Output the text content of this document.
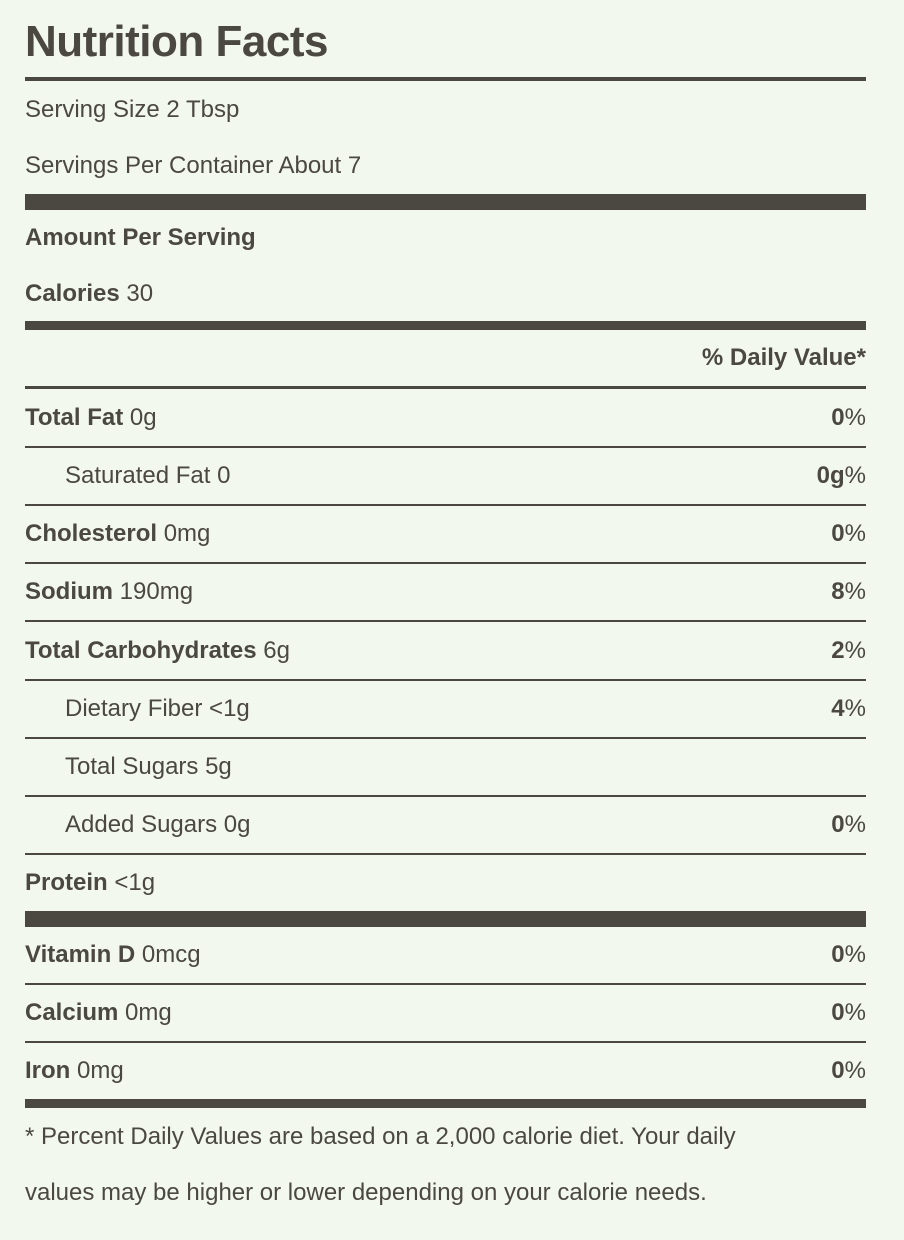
Nutrition Facts
Serving Size 2 Tbsp
Servings Per Container About 7
Amount Per Serving
Calories 30
% Daily Value*
Total Fat 0g	0%
Saturated Fat 0	0g%
Cholesterol 0mg	0%
Sodium 190mg	8%
Total Carbohydrates 6g	2%
Dietary Fiber <1g	4%
Total Sugars 5g
Added Sugars 0g	0%
Protein <1g
Vitamin D 0mcg	0%
Calcium 0mg	0%
Iron 0mg	0%
* Percent Daily Values are based on a 2,000 calorie diet. Your daily
values may be higher or lower depending on your calorie needs.
